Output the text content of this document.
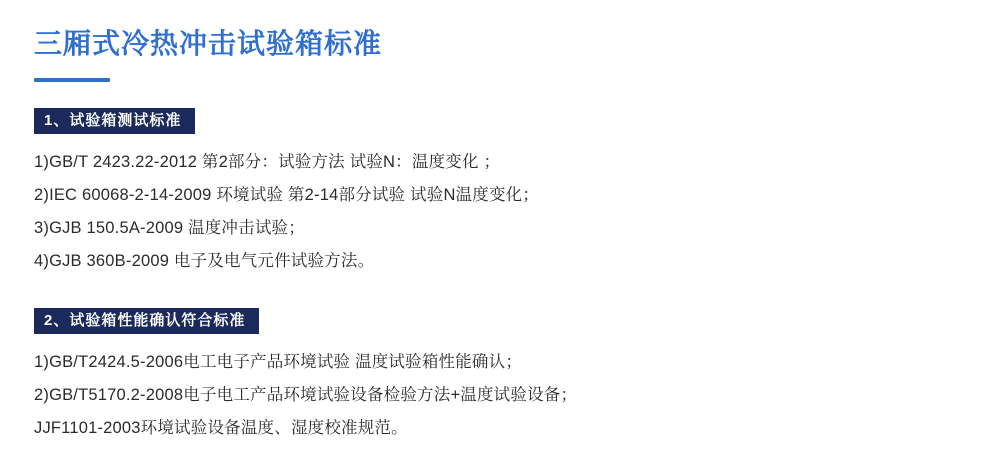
三厢式冷热冲击试验箱标准
1、试验箱测试标准
1)GB/T 2423.22-2012 第2部分：试验方法 试验N：温度变化 ；
2)IEC 60068-2-14-2009 环境试验 第2-14部分试验 试验N温度变化；
3)GJB 150.5A-2009 温度冲击试验；
4)GJB 360B-2009 电子及电气元件试验方法。
2、试验箱性能确认符合标准
1)GB/T2424.5-2006电工电子产品环境试验 温度试验箱性能确认；
2)GB/T5170.2-2008电子电工产品环境试验设备检验方法+温度试验设备；
JJF1101-2003环境试验设备温度、湿度校准规范。
